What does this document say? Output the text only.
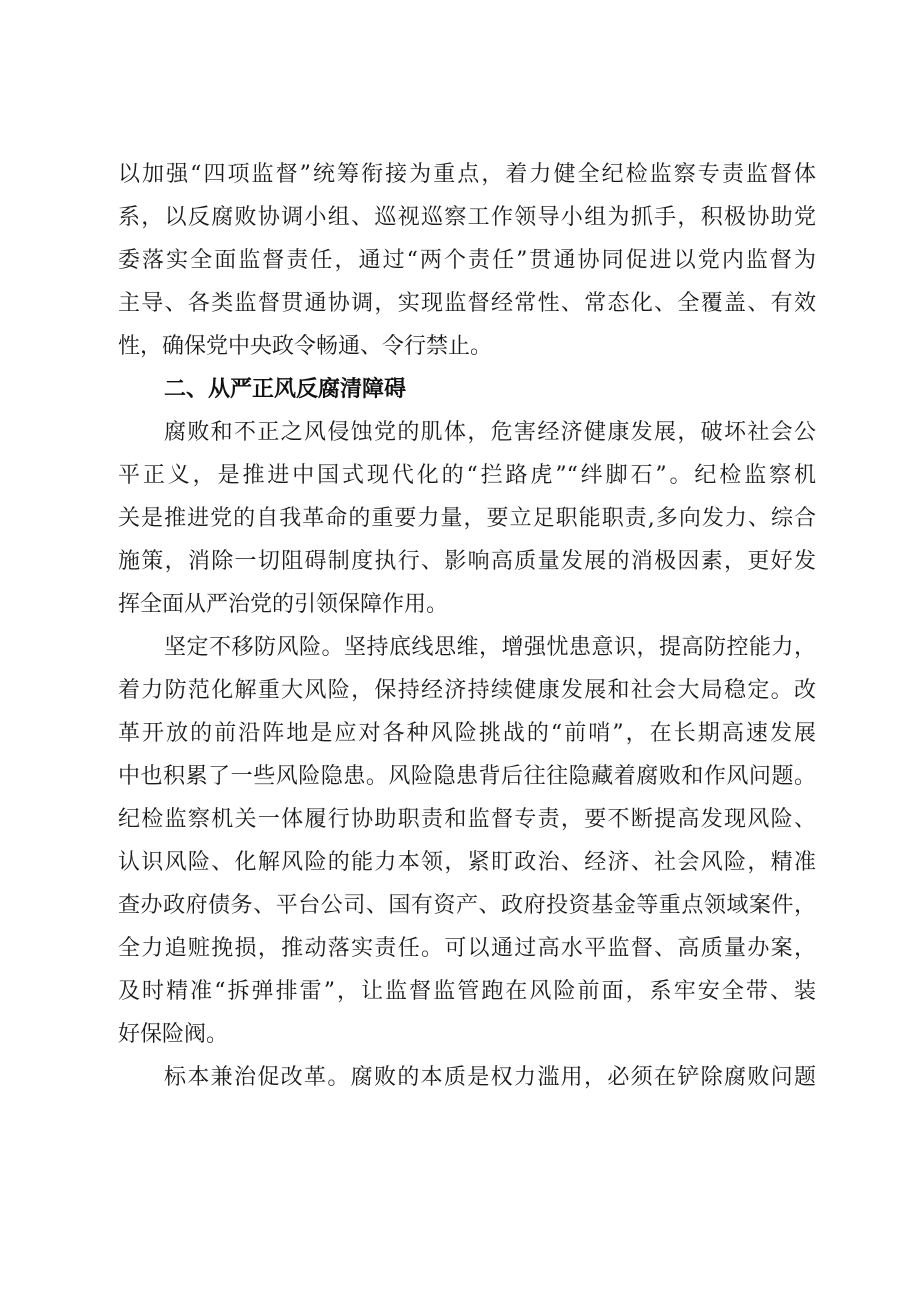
以加强“四项监督”统筹衔接为重点，着力健全纪检监察专责监督体
系，以反腐败协调小组、巡视巡察工作领导小组为抓手，积极协助党
委落实全面监督责任，通过“两个责任”贯通协同促进以党内监督为
主导、各类监督贯通协调，实现监督经常性、常态化、全覆盖、有效
性，确保党中央政令畅通、令行禁止。
二、从严正风反腐清障碍
腐败和不正之风侵蚀党的肌体，危害经济健康发展，破坏社会公
平正义，是推进中国式现代化的“拦路虎”“绊脚石”。纪检监察机
关是推进党的自我革命的重要力量，要立足职能职责,多向发力、综合
施策，消除一切阻碍制度执行、影响高质量发展的消极因素，更好发
挥全面从严治党的引领保障作用。
坚定不移防风险。坚持底线思维，增强忧患意识，提高防控能力，
着力防范化解重大风险，保持经济持续健康发展和社会大局稳定。改
革开放的前沿阵地是应对各种风险挑战的“前哨”，在长期高速发展
中也积累了一些风险隐患。风险隐患背后往往隐藏着腐败和作风问题。
纪检监察机关一体履行协助职责和监督专责，要不断提高发现风险、
认识风险、化解风险的能力本领，紧盯政治、经济、社会风险，精准
查办政府债务、平台公司、国有资产、政府投资基金等重点领域案件，
全力追赃挽损，推动落实责任。可以通过高水平监督、高质量办案，
及时精准“拆弹排雷”，让监督监管跑在风险前面，系牢安全带、装
好保险阀。
标本兼治促改革。腐败的本质是权力滥用，必须在铲除腐败问题
